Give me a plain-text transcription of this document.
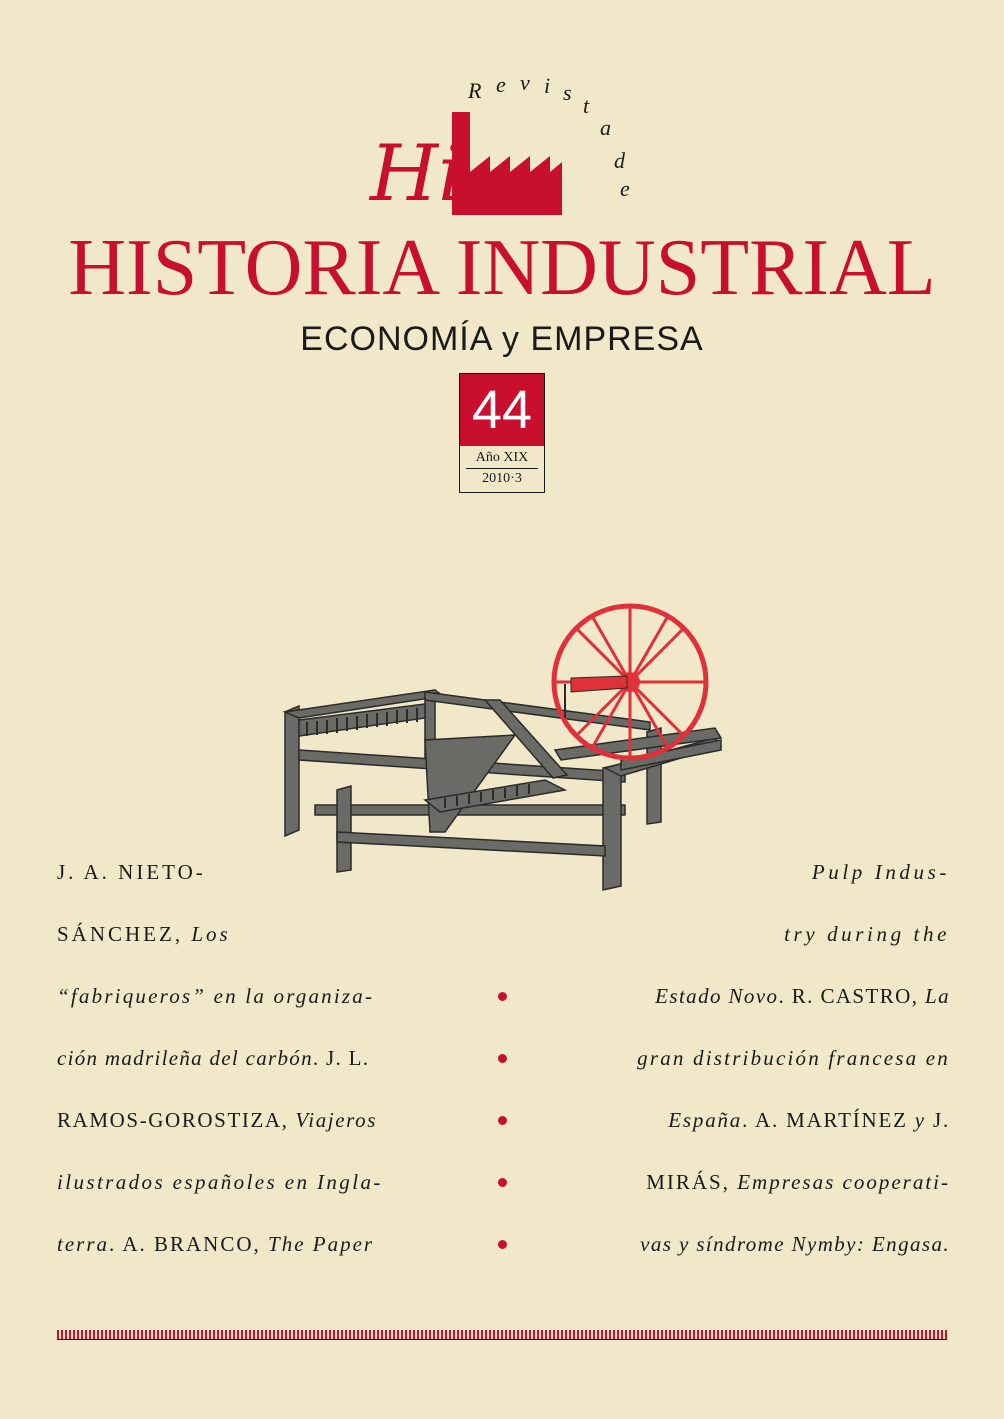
Hi
R e v i s
t
a
d
e
HISTORIA INDUSTRIAL
ECONOMÍA y EMPRESA
44
Año XIX
2010·3
J. A. NIETO-
SÁNCHEZ, Los
“fabriqueros” en la organiza-
ción madrileña del carbón. J. L.
RAMOS-GOROSTIZA, Viajeros
ilustrados españoles en Ingla-
terra. A. BRANCO, The Paper
Pulp Indus-
try during the
Estado Novo. R. CASTRO, La
gran distribución francesa en
España. A. MARTÍNEZ y J.
MIRÁS, Empresas cooperati-
vas y síndrome Nymby: Engasa.
